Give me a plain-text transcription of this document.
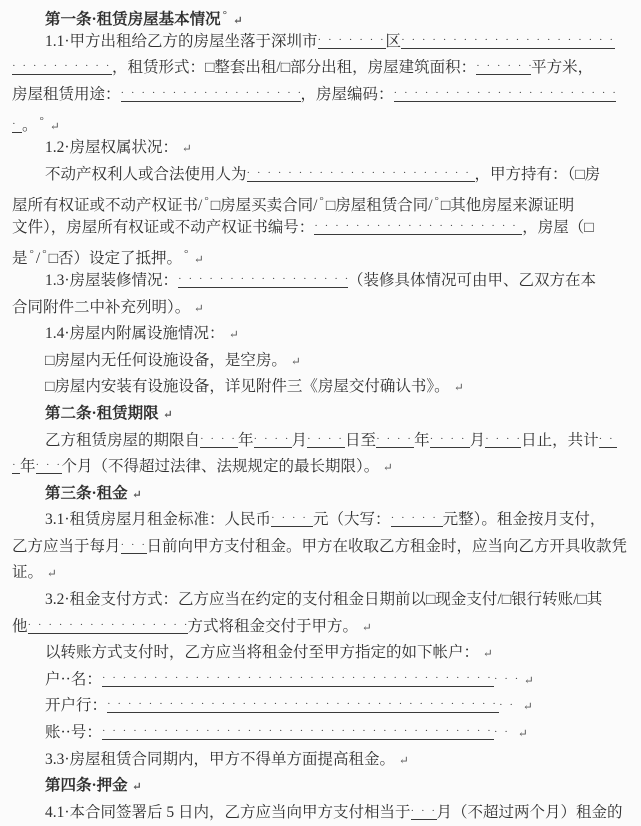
第一条·租赁房屋基本情况 ° ↵

1.1·甲方出租给乙方的房屋坐落于深圳市 · · ·	区· · ·

· · ·，租赁形式：□整套出租/□部分出租，房屋建筑面积： · · ·	平方米，

房屋租赁用途： · · ·	，房屋编码：· · ·

· · ·。 ° ↵

1.2·房屋权属状况： ↵

不动产权利人或合法使用人为 · · ·	，甲方持有：（□房

屋所有权证或不动产权证书/ ° □房屋买卖合同/ ° □房屋租赁合同/ ° □其他房屋来源证明

文件），房屋所有权证或不动产权证书编号： · · ·	，房屋（□

是 ° / ° □否）设定了抵押。 ° ↵

1.3·房屋装修情况： · · ·	（装修具体情况可由甲、乙双方在本

合同附件二中补充列明）。 ↵

1.4·房屋内附属设施情况： ↵

□房屋内无任何设施设备，是空房。 ↵

□房屋内安装有设施设备，详见附件三《房屋交付确认书》。 ↵

第二条·租赁期限 ↵

乙方租赁房屋的期限自 · · · 年 · · · 月 · · · 日至 · · · 年 · · ·	月 · · · 日止，共计· · ·

· · ·年 · · · 个月（不得超过法律、法规规定的最长期限）。 ↵

第三条·租金 ↵

3.1·租赁房屋月租金标准：人民币 · · ·	元（大写： · · ·	元整）。租金按月支付，

乙方应当于每月 · · · 日前向甲方支付租金。甲方在收取乙方租金时，应当向乙方开具收款凭

证。 ↵

3.2·租金支付方式：乙方应当在约定的支付租金日期前以□现金支付/□银行转账/□其

他 · · ·	方式将租金交付于甲方。 ↵

以转账方式支付时，乙方应当将租金付至甲方指定的如下帐户： ↵

户··名： · · · · · ·	↵

开户行： · · · · · ·	↵

账··号： · · · · · ·	↵

3.3·房屋租赁合同期内，甲方不得单方面提高租金。 ↵

第四条·押金 ↵

4.1·本合同签署后 5 日内，乙方应当向甲方支付相当于 · · · 月（不超过两个月）租金的
